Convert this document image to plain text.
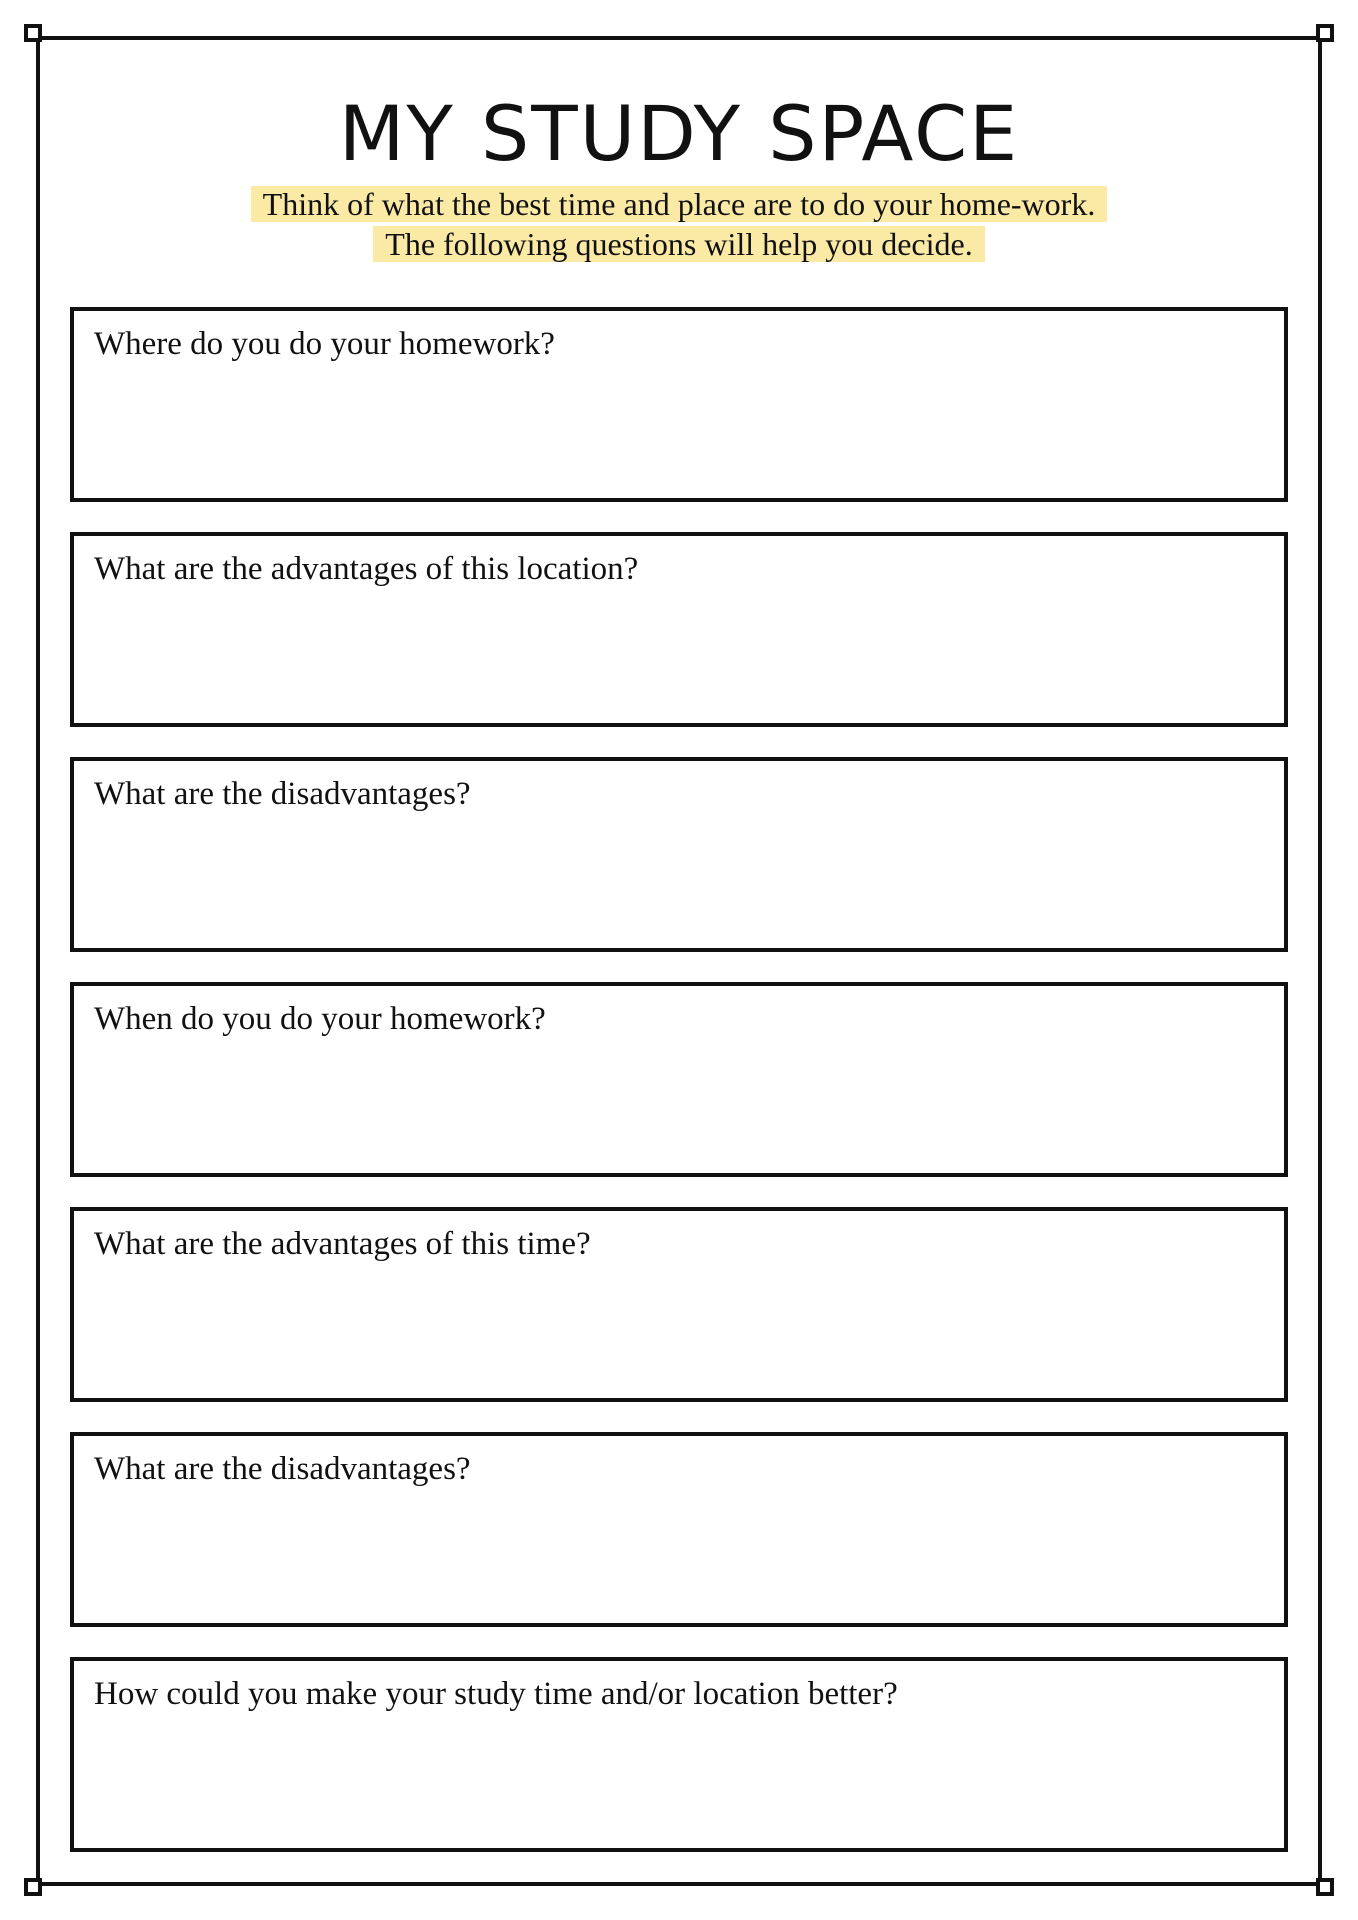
MY STUDY SPACE
Think of what the best time and place are to do your home-work.
The following questions will help you decide.
Where do you do your homework?
What are the advantages of this location?
What are the disadvantages?
When do you do your homework?
What are the advantages of this time?
What are the disadvantages?
How could you make your study time and/or location better?
